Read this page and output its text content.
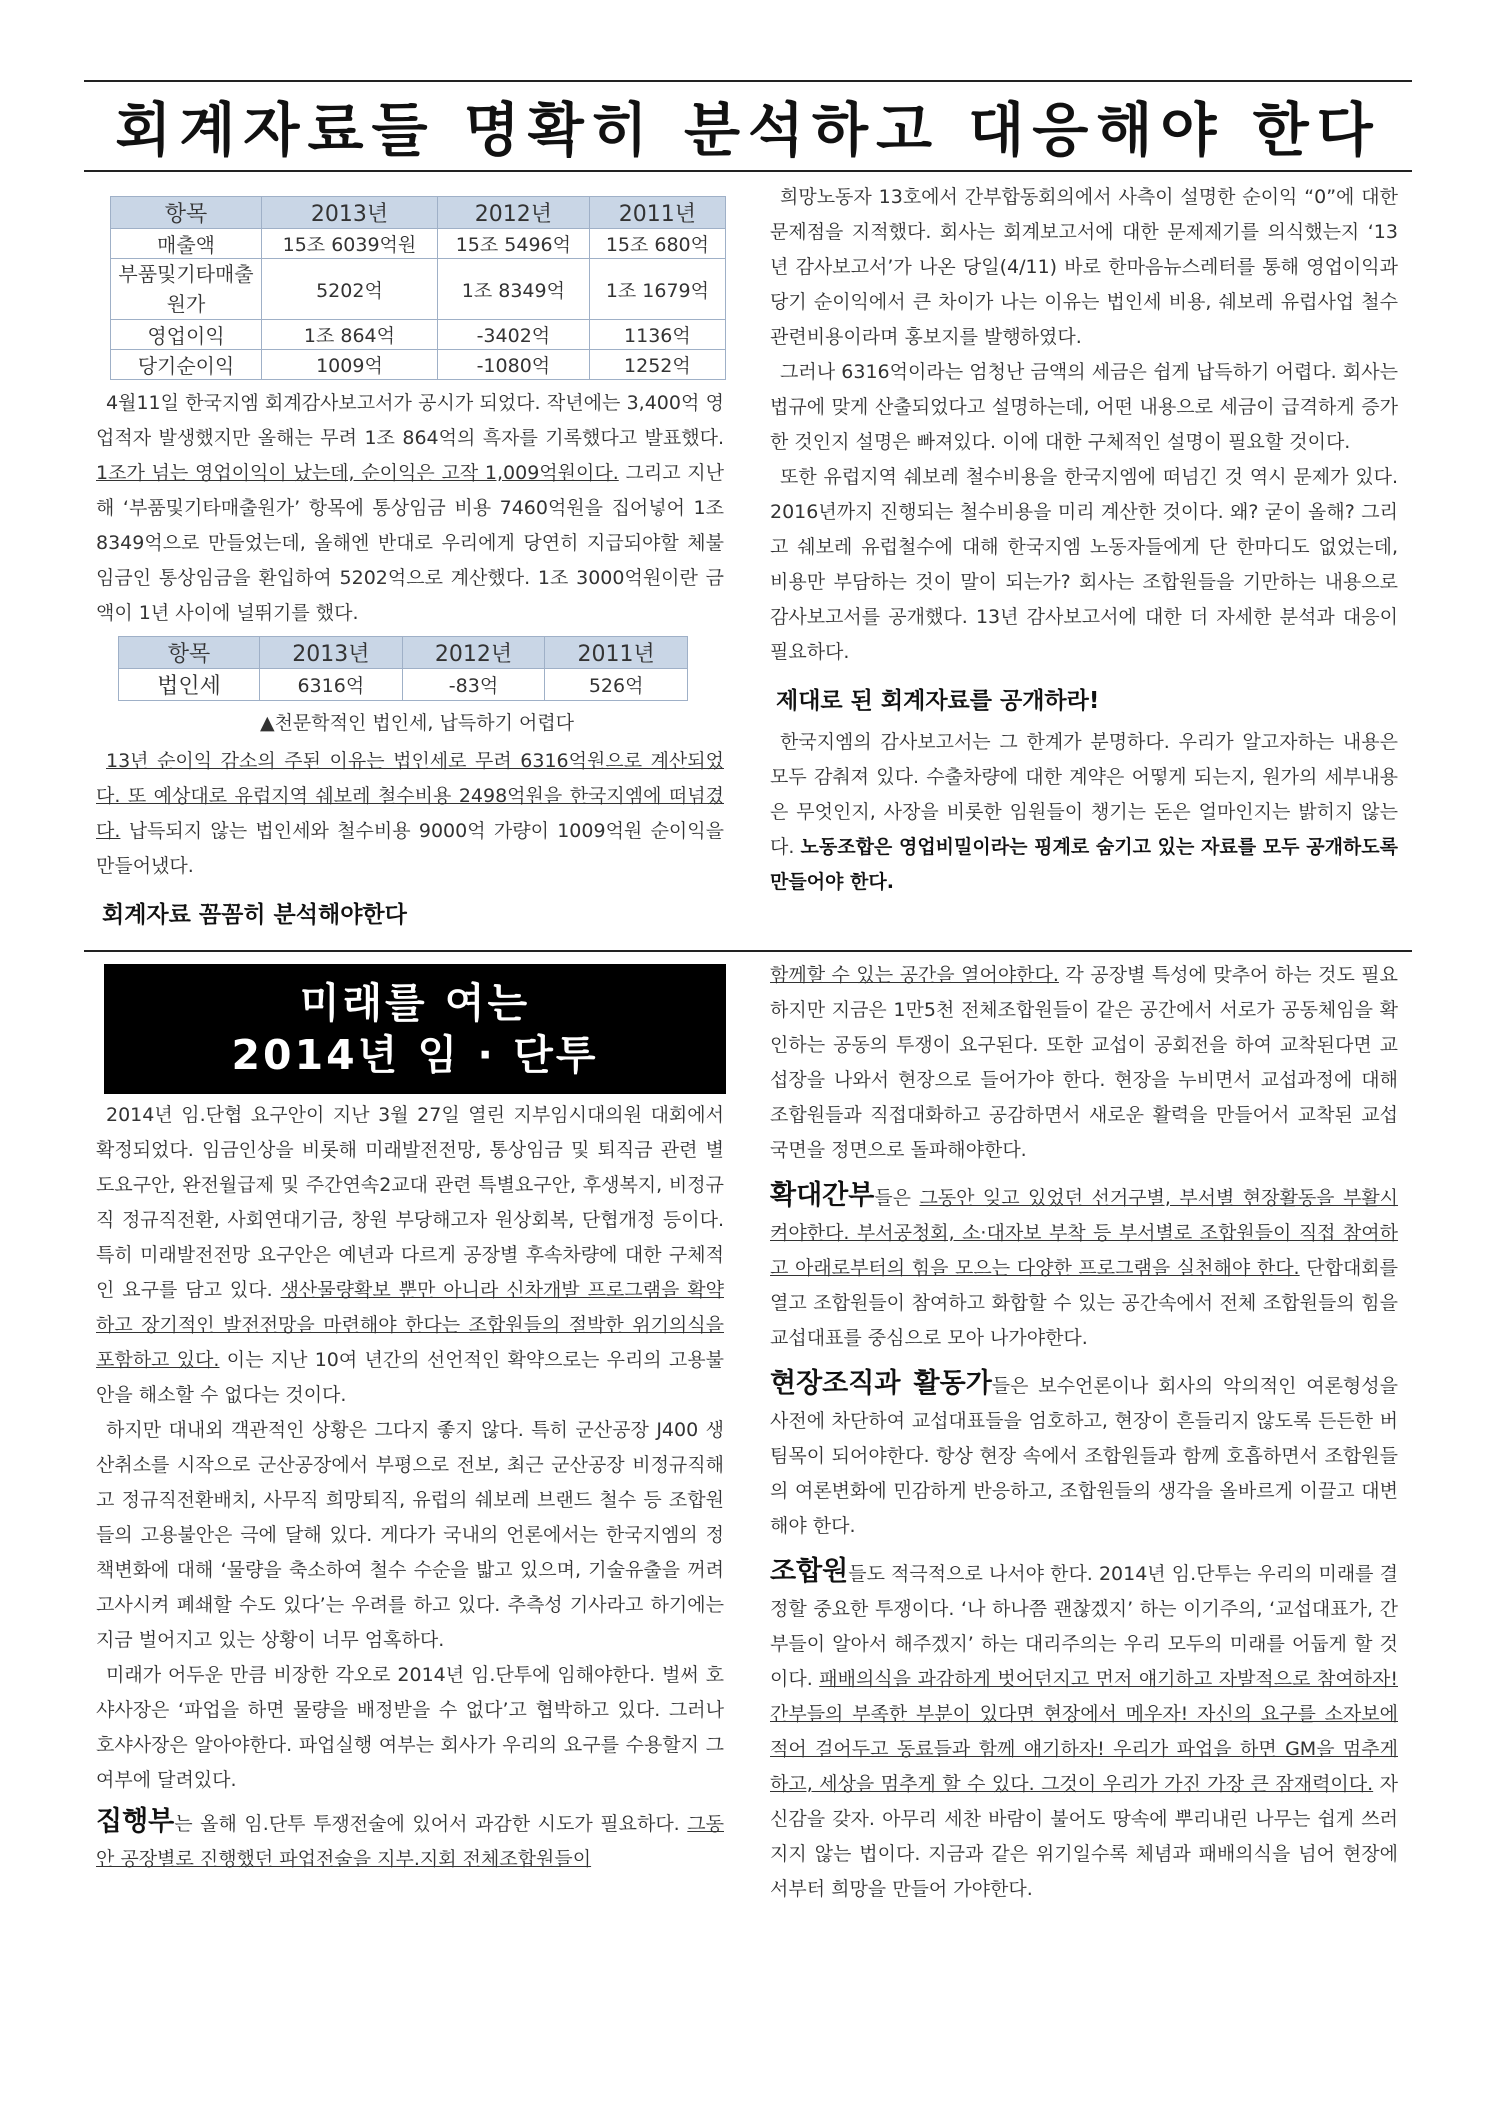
회계자료들 명확히 분석하고 대응해야 한다
항목	2013년	2012년	2011년
매출액	15조 6039억원	15조 5496억	15조 680억
부품및기타매출원가	5202억	1조 8349억	1조 1679억
영업이익	1조 864억	-3402억	1136억
당기순이익	1009억	-1080억	1252억

4월11일 한국지엠 회계감사보고서가 공시가 되었다. 작년에는 3,400억 영업적자 발생했지만 올해는 무려 1조 864억의 흑자를 기록했다고 발표했다. 1조가 넘는 영업이익이 났는데, 순이익은 고작 1,009억원이다. 그리고 지난해 ‘부품및기타매출원가’ 항목에 통상임금 비용 7460억원을 집어넣어 1조 8349억으로 만들었는데, 올해엔 반대로 우리에게 당연히 지급되야할 체불임금인 통상임금을 환입하여 5202억으로 계산했다. 1조 3000억원이란 금액이 1년 사이에 널뛰기를 했다.

항목	2013년	2012년	2011년
법인세	6316억	-83억	526억
▲천문학적인 법인세, 납득하기 어렵다

13년 순이익 감소의 주된 이유는 법인세로 무려 6316억원으로 계산되었다. 또 예상대로 유럽지역 쉐보레 철수비용 2498억원을 한국지엠에 떠넘겼다. 납득되지 않는 법인세와 철수비용 9000억 가량이 1009억원 순이익을 만들어냈다.

회계자료 꼼꼼히 분석해야한다

희망노동자 13호에서 간부합동회의에서 사측이 설명한 순이익 “0”에 대한 문제점을 지적했다. 회사는 회계보고서에 대한 문제제기를 의식했는지 ‘13년 감사보고서’가 나온 당일(4/11) 바로 한마음뉴스레터를 통해 영업이익과 당기 순이익에서 큰 차이가 나는 이유는 법인세 비용, 쉐보레 유럽사업 철수관련비용이라며 홍보지를 발행하였다.

그러나 6316억이라는 엄청난 금액의 세금은 쉽게 납득하기 어렵다. 회사는 법규에 맞게 산출되었다고 설명하는데, 어떤 내용으로 세금이 급격하게 증가한 것인지 설명은 빠져있다. 이에 대한 구체적인 설명이 필요할 것이다.

또한 유럽지역 쉐보레 철수비용을 한국지엠에 떠넘긴 것 역시 문제가 있다. 2016년까지 진행되는 철수비용을 미리 계산한 것이다. 왜? 굳이 올해? 그리고 쉐보레 유럽철수에 대해 한국지엠 노동자들에게 단 한마디도 없었는데, 비용만 부담하는 것이 말이 되는가? 회사는 조합원들을 기만하는 내용으로 감사보고서를 공개했다. 13년 감사보고서에 대한 더 자세한 분석과 대응이 필요하다.

제대로 된 회계자료를 공개하라!

한국지엠의 감사보고서는 그 한계가 분명하다. 우리가 알고자하는 내용은 모두 감춰져 있다. 수출차량에 대한 계약은 어떻게 되는지, 원가의 세부내용은 무엇인지, 사장을 비롯한 임원들이 챙기는 돈은 얼마인지는 밝히지 않는다. 노동조합은 영업비밀이라는 핑계로 숨기고 있는 자료를 모두 공개하도록 만들어야 한다.

미래를 여는
2014년 임 · 단투

2014년 임.단협 요구안이 지난 3월 27일 열린 지부임시대의원 대회에서 확정되었다. 임금인상을 비롯해 미래발전전망, 통상임금 및 퇴직금 관련 별도요구안, 완전월급제 및 주간연속2교대 관련 특별요구안, 후생복지, 비정규직 정규직전환, 사회연대기금, 창원 부당해고자 원상회복, 단협개정 등이다. 특히 미래발전전망 요구안은 예년과 다르게 공장별 후속차량에 대한 구체적인 요구를 담고 있다. 생산물량확보 뿐만 아니라 신차개발 프로그램을 확약하고 장기적인 발전전망을 마련해야 한다는 조합원들의 절박한 위기의식을 포함하고 있다. 이는 지난 10여 년간의 선언적인 확약으로는 우리의 고용불안을 해소할 수 없다는 것이다.

하지만 대내외 객관적인 상황은 그다지 좋지 않다. 특히 군산공장 J400 생산취소를 시작으로 군산공장에서 부평으로 전보, 최근 군산공장 비정규직해고 정규직전환배치, 사무직 희망퇴직, 유럽의 쉐보레 브랜드 철수 등 조합원들의 고용불안은 극에 달해 있다. 게다가 국내의 언론에서는 한국지엠의 정책변화에 대해 ‘물량을 축소하여 철수 수순을 밟고 있으며, 기술유출을 꺼려 고사시켜 폐쇄할 수도 있다’는 우려를 하고 있다. 추측성 기사라고 하기에는 지금 벌어지고 있는 상황이 너무 엄혹하다.

미래가 어두운 만큼 비장한 각오로 2014년 임.단투에 임해야한다. 벌써 호샤사장은 ‘파업을 하면 물량을 배정받을 수 없다’고 협박하고 있다. 그러나 호샤사장은 알아야한다. 파업실행 여부는 회사가 우리의 요구를 수용할지 그 여부에 달려있다.

집행부는 올해 임.단투 투쟁전술에 있어서 과감한 시도가 필요하다. 그동안 공장별로 진행했던 파업전술을 지부.지회 전체조합원들이

함께할 수 있는 공간을 열어야한다. 각 공장별 특성에 맞추어 하는 것도 필요하지만 지금은 1만5천 전체조합원들이 같은 공간에서 서로가 공동체임을 확인하는 공동의 투쟁이 요구된다. 또한 교섭이 공회전을 하여 교착된다면 교섭장을 나와서 현장으로 들어가야 한다. 현장을 누비면서 교섭과정에 대해 조합원들과 직접대화하고 공감하면서 새로운 활력을 만들어서 교착된 교섭국면을 정면으로 돌파해야한다.

확대간부들은 그동안 잊고 있었던 선거구별, 부서별 현장활동을 부활시켜야한다. 부서공청회, 소·대자보 부착 등 부서별로 조합원들이 직접 참여하고 아래로부터의 힘을 모으는 다양한 프로그램을 실천해야 한다. 단합대회를 열고 조합원들이 참여하고 화합할 수 있는 공간속에서 전체 조합원들의 힘을 교섭대표를 중심으로 모아 나가야한다.

현장조직과 활동가들은 보수언론이나 회사의 악의적인 여론형성을 사전에 차단하여 교섭대표들을 엄호하고, 현장이 흔들리지 않도록 든든한 버팀목이 되어야한다. 항상 현장 속에서 조합원들과 함께 호흡하면서 조합원들의 여론변화에 민감하게 반응하고, 조합원들의 생각을 올바르게 이끌고 대변해야 한다.

조합원들도 적극적으로 나서야 한다. 2014년 임.단투는 우리의 미래를 결정할 중요한 투쟁이다. ‘나 하나쯤 괜찮겠지’ 하는 이기주의, ‘교섭대표가, 간부들이 알아서 해주겠지’ 하는 대리주의는 우리 모두의 미래를 어둡게 할 것이다. 패배의식을 과감하게 벗어던지고 먼저 얘기하고 자발적으로 참여하자! 간부들의 부족한 부분이 있다면 현장에서 메우자! 자신의 요구를 소자보에 적어 걸어두고 동료들과 함께 얘기하자! 우리가 파업을 하면 GM을 멈추게 하고, 세상을 멈추게 할 수 있다. 그것이 우리가 가진 가장 큰 잠재력이다. 자신감을 갖자. 아무리 세찬 바람이 불어도 땅속에 뿌리내린 나무는 쉽게 쓰러지지 않는 법이다. 지금과 같은 위기일수록 체념과 패배의식을 넘어 현장에서부터 희망을 만들어 가야한다.
